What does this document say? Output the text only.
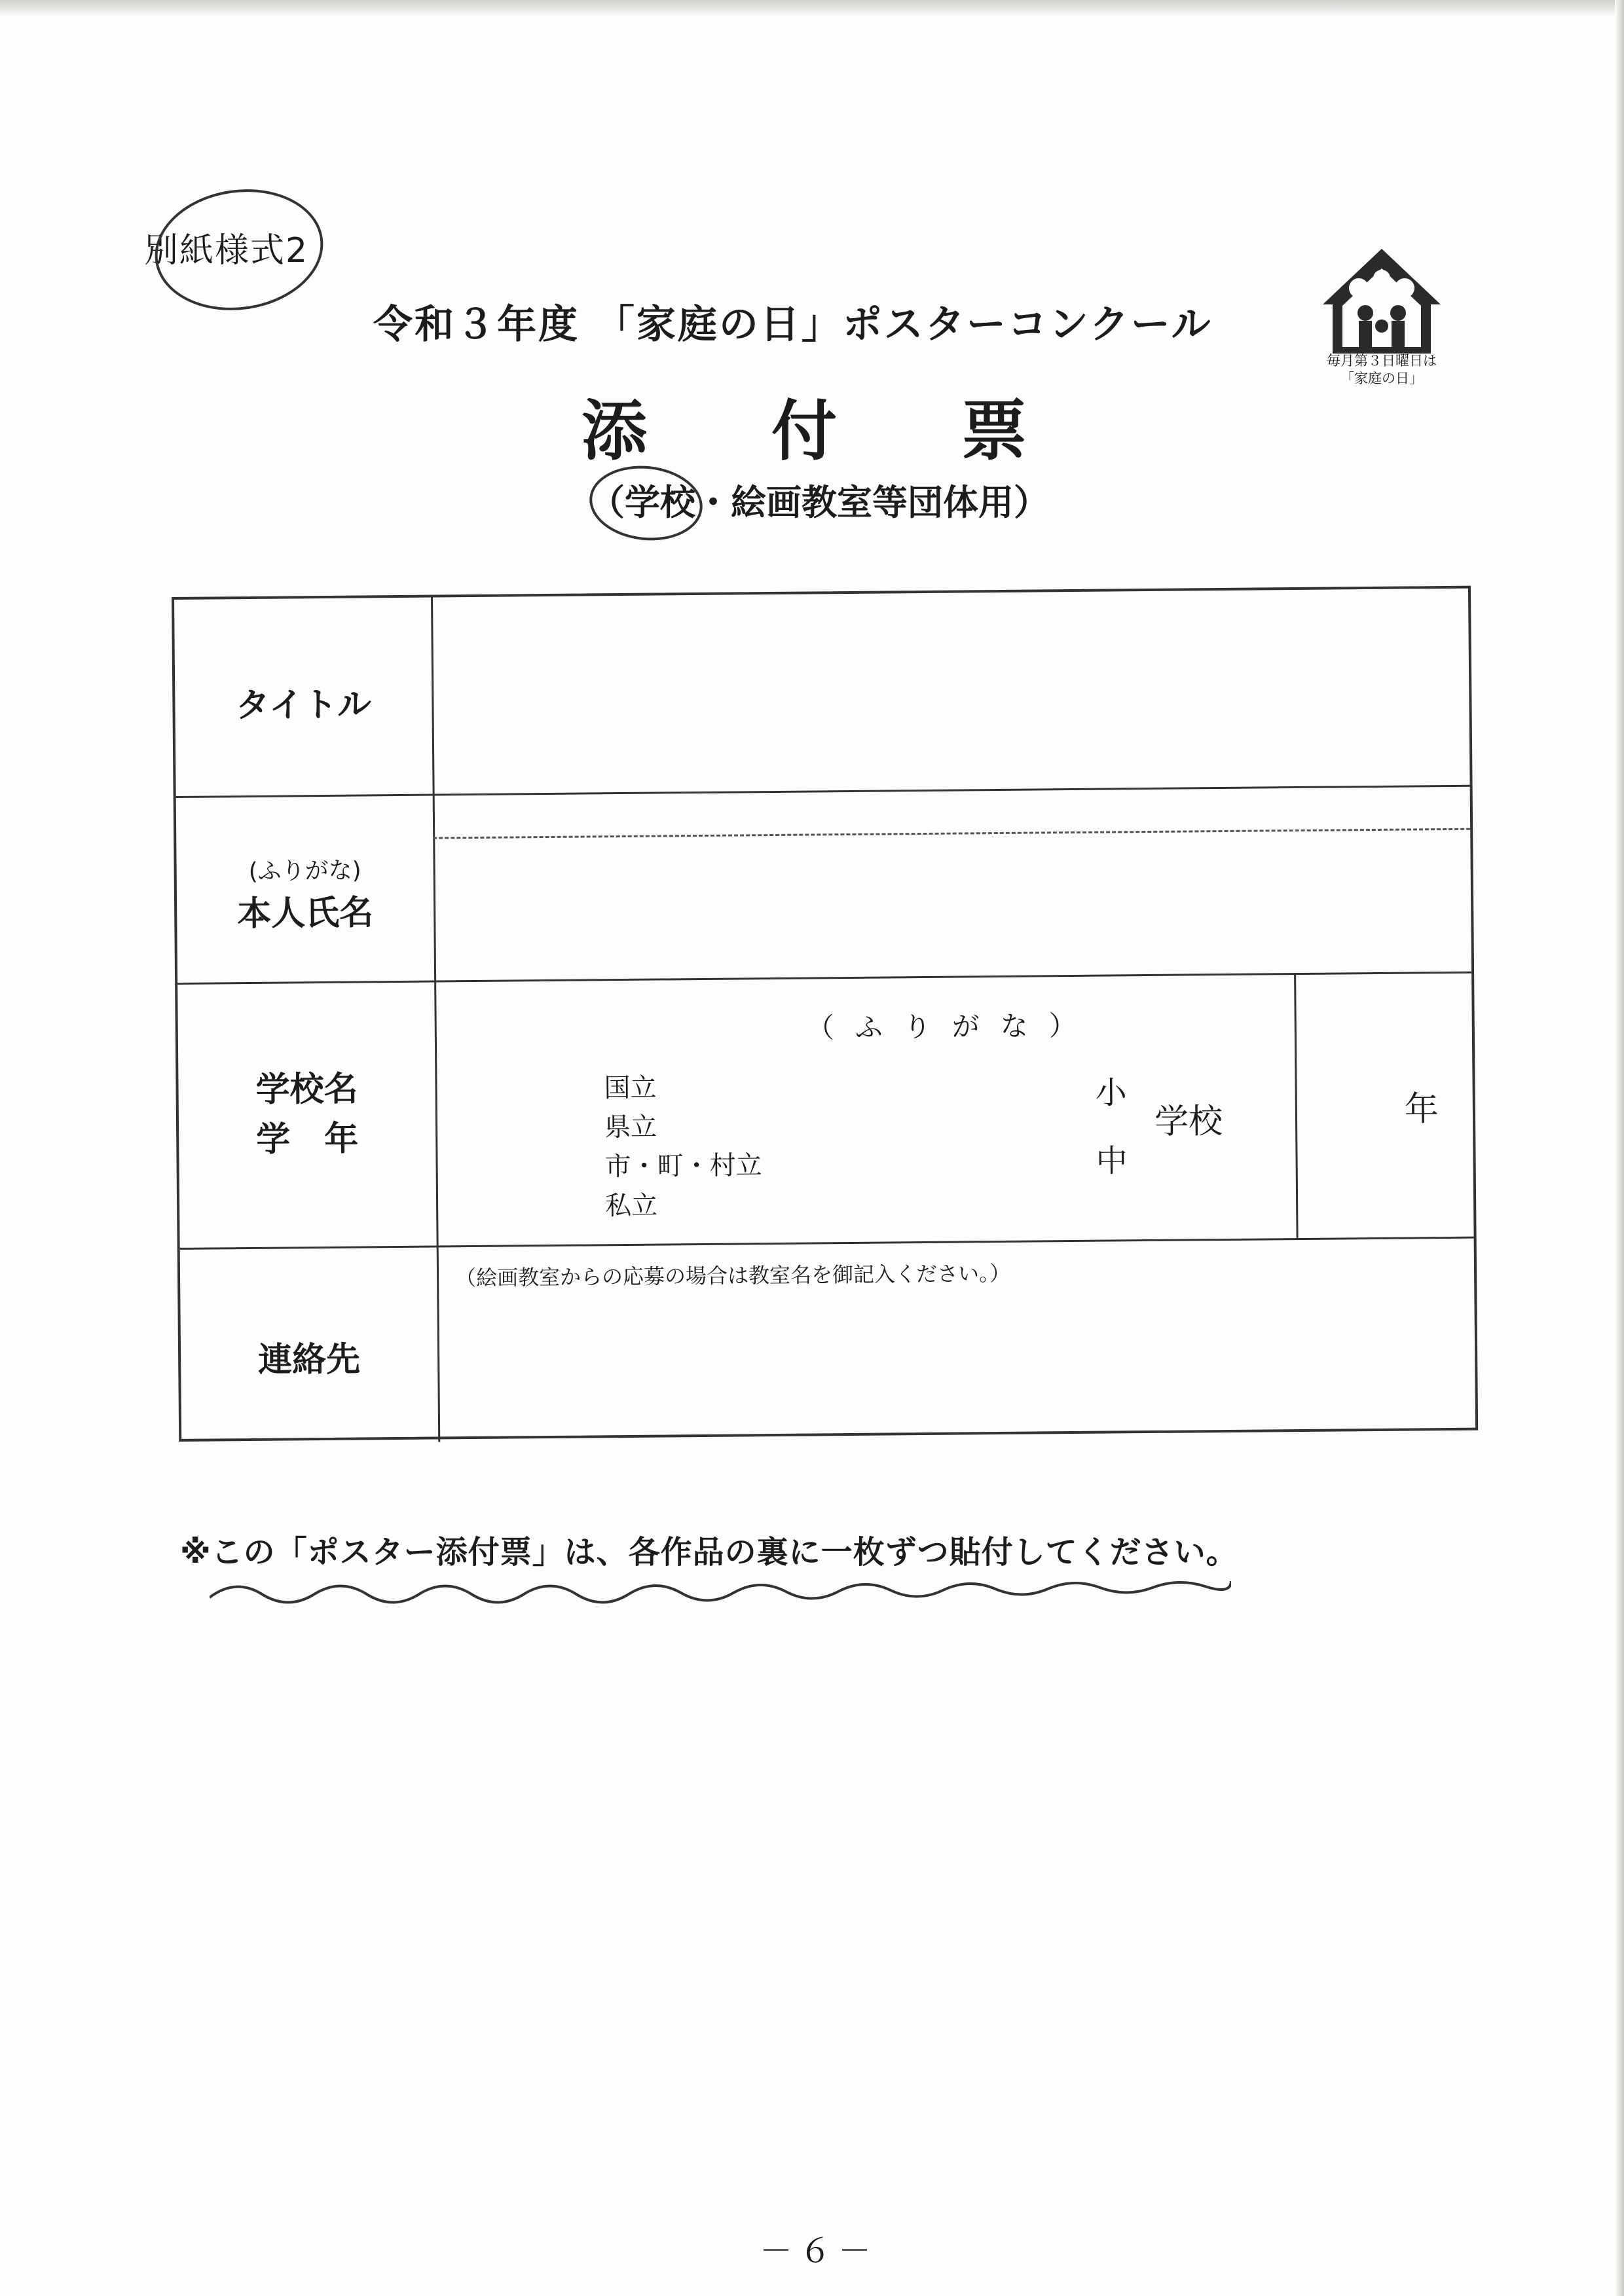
別紙様式2
令和３年度 「家庭の日」ポスターコンクール
添付票
（学校・絵画教室等団体用）
毎月第３日曜日は
「家庭の日」
タイトル
(ふりがな)
本人氏名
学校名
学　年
（ふりがな）
国立
県立
市・町・村立
私立
小
中
学校	年
連絡先
（絵画教室からの応募の場合は教室名を御記入ください。）
※この「ポスター添付票」は、各作品の裏に一枚ずつ貼付してください。
－６－
